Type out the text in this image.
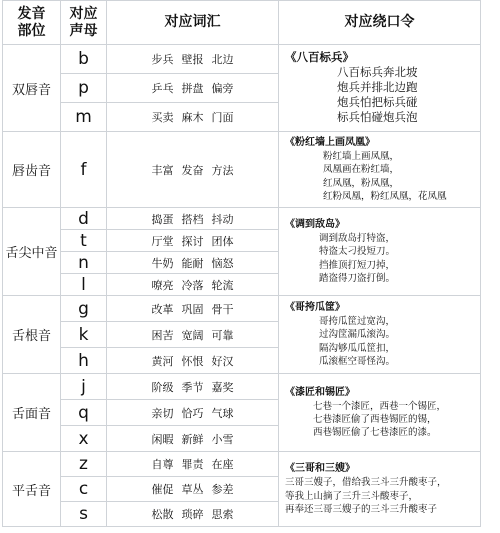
发音
部位	对应
声母	对应词汇	对应绕口令
双唇音	b	步兵 壁报 北边	《八百标兵》
八百标兵奔北坡
炮兵并排北边跑
炮兵怕把标兵碰
标兵怕碰炮兵泡

	p	乒乓 拼盘 偏旁	
	m	买卖 麻木 门面	
唇齿音	f	丰富 发奋 方法	《粉红墙上画凤凰》
粉红墙上画凤凰，
凤凰画在粉红墙，
红凤凰，粉凤凰，
红粉凤凰，粉红凤凰，花凤凰

舌尖中音	d	捣蛋 搭档 抖动	《调到敌岛》
调到敌岛打特盗，
特盗太刁投短刀。
挡推顶打短刀掉，
踏盗得刀盗打倒。

	t	厅堂 探讨 团体	
	n	牛奶 能耐 恼怒	
	l	嘹亮 冷落 轮流	
舌根音	g	改革 巩固 骨干	《哥挎瓜筐》
哥挎瓜筐过宽沟，
过沟筐漏瓜滚沟。
隔沟够瓜瓜筐扣，
瓜滚框空哥怪沟。

	k	困苦 宽阔 可靠	
	h	黄河 怀恨 好汉	
舌面音	j	阶级 季节 嘉奖	《漆匠和锡匠》
七巷一个漆匠，西巷一个锡匠，
七巷漆匠偷了西巷锡匠的锡，
西巷锡匠偷了七巷漆匠的漆。

	q	亲切 恰巧 气球	
	x	闲暇 新鲜 小雪	
平舌音	z	自尊 罪责 在座	《三哥和三嫂》
三哥三嫂子，借给我三斗三升酸枣子，
等我上山摘了三升三斗酸枣子，
再奉还三哥三嫂子的三斗三升酸枣子

	c	催促 草丛 参差	
	s	松散 琐碎 思索	
